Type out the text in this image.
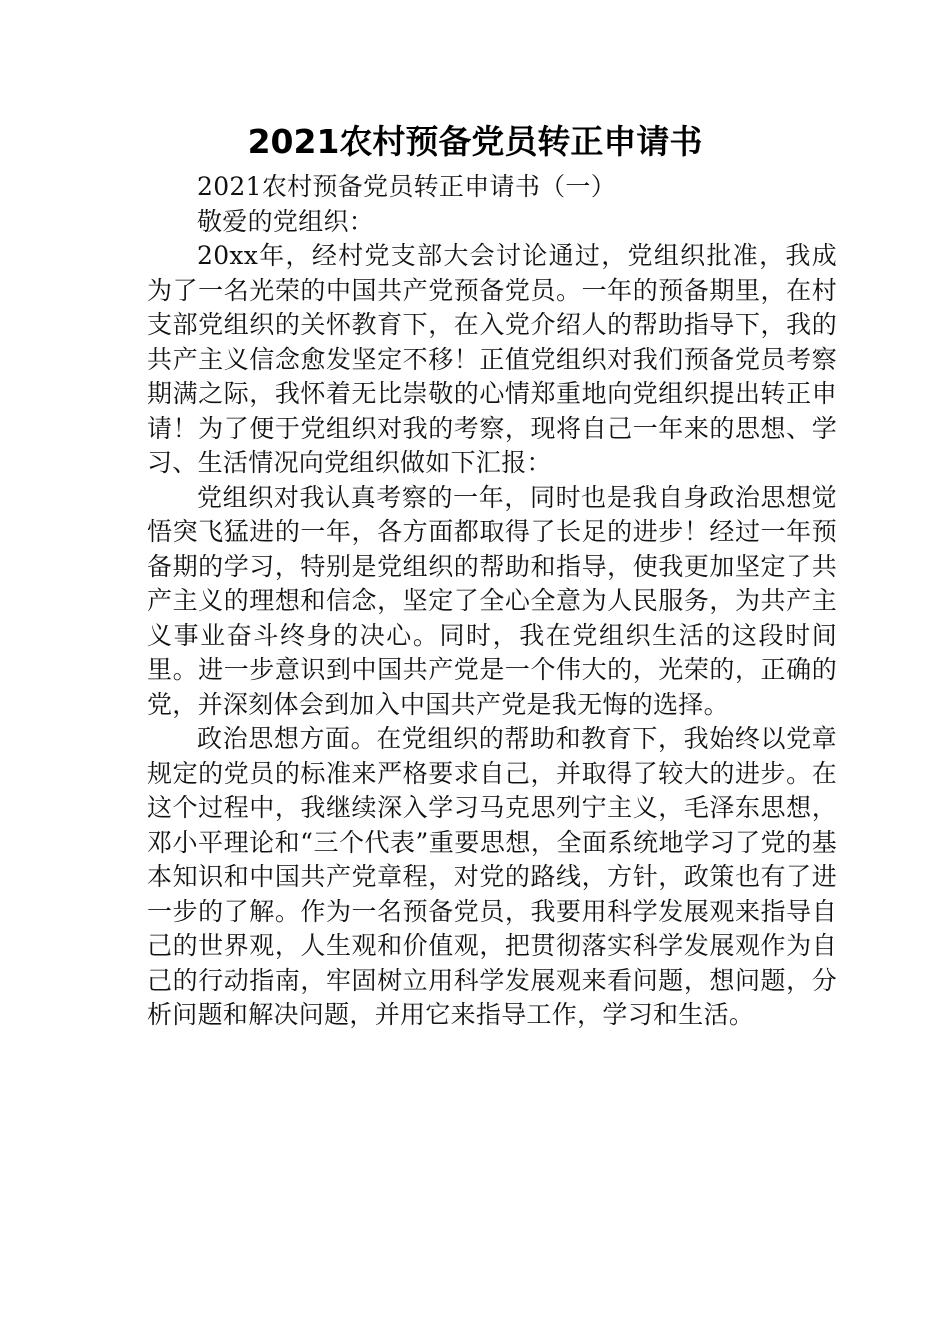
2021农村预备党员转正申请书

2021农村预备党员转正申请书（一）

敬爱的党组织：

20xx年，经村党支部大会讨论通过，党组织批准，我成为了一名光荣的中国共产党预备党员。一年的预备期里，在村支部党组织的关怀教育下，在入党介绍人的帮助指导下，我的共产主义信念愈发坚定不移！正值党组织对我们预备党员考察期满之际，我怀着无比崇敬的心情郑重地向党组织提出转正申请！为了便于党组织对我的考察，现将自己一年来的思想、学习、生活情况向党组织做如下汇报：

党组织对我认真考察的一年，同时也是我自身政治思想觉悟突飞猛进的一年，各方面都取得了长足的进步！经过一年预备期的学习，特别是党组织的帮助和指导，使我更加坚定了共产主义的理想和信念，坚定了全心全意为人民服务，为共产主义事业奋斗终身的决心。同时，我在党组织生活的这段时间里。进一步意识到中国共产党是一个伟大的，光荣的，正确的党，并深刻体会到加入中国共产党是我无悔的选择。

政治思想方面。在党组织的帮助和教育下，我始终以党章规定的党员的标准来严格要求自己，并取得了较大的进步。在这个过程中，我继续深入学习马克思列宁主义，毛泽东思想，邓小平理论和“三个代表”重要思想，全面系统地学习了党的基本知识和中国共产党章程，对党的路线，方针，政策也有了进一步的了解。作为一名预备党员，我要用科学发展观来指导自己的世界观，人生观和价值观，把贯彻落实科学发展观作为自己的行动指南，牢固树立用科学发展观来看问题，想问题，分析问题和解决问题，并用它来指导工作，学习和生活。
